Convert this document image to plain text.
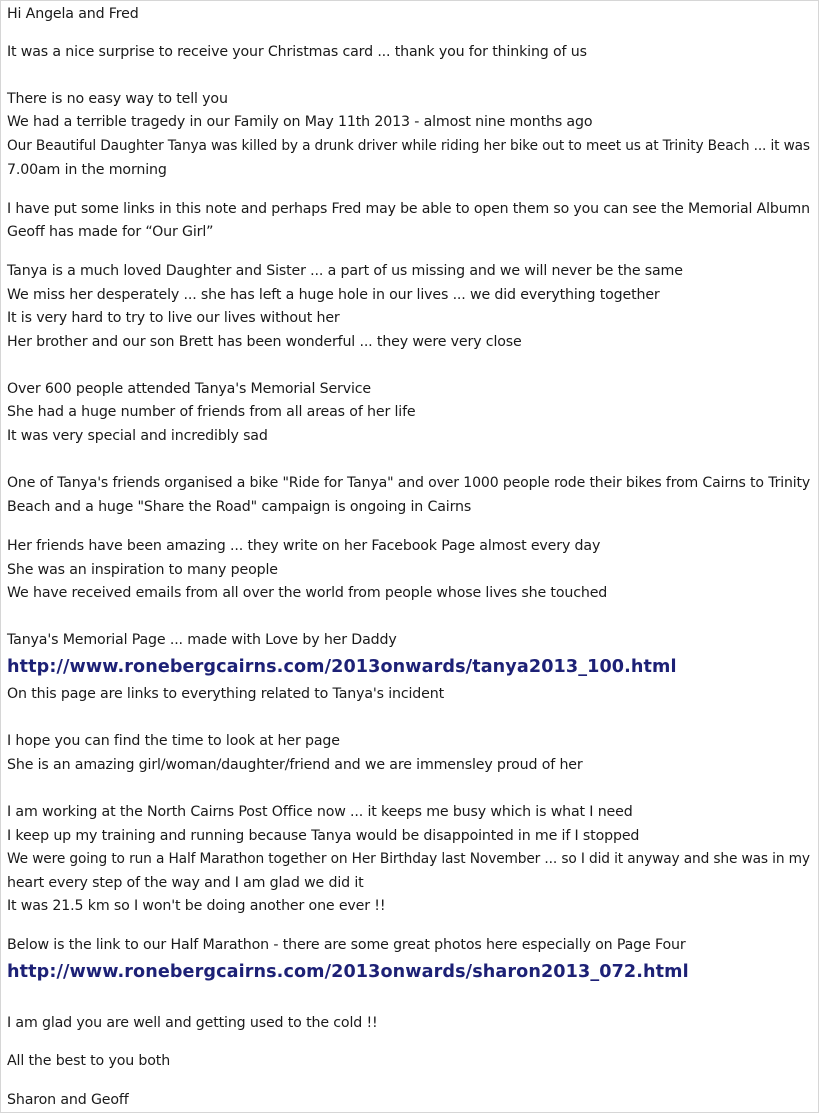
Hi Angela and Fred
It was a nice surprise to receive your Christmas card ... thank you for thinking of us
There is no easy way to tell you
We had a terrible tragedy in our Family on May 11th 2013 - almost nine months ago
Our Beautiful Daughter Tanya was killed by a drunk driver while riding her bike out to meet us at Trinity Beach ... it was
7.00am in the morning
I have put some links in this note and perhaps Fred may be able to open them so you can see the Memorial Albumn
Geoff has made for “Our Girl”
Tanya is a much loved Daughter and Sister ... a part of us missing and we will never be the same
We miss her desperately ... she has left a huge hole in our lives ... we did everything together
It is very hard to try to live our lives without her
Her brother and our son Brett has been wonderful ... they were very close
Over 600 people attended Tanya's Memorial Service
She had a huge number of friends from all areas of her life
It was very special and incredibly sad
One of Tanya's friends organised a bike "Ride for Tanya" and over 1000 people rode their bikes from Cairns to Trinity
Beach and a huge "Share the Road" campaign is ongoing in Cairns
Her friends have been amazing ... they write on her Facebook Page almost every day
She was an inspiration to many people
We have received emails from all over the world from people whose lives she touched
Tanya's Memorial Page ... made with Love by her Daddy
http://www.ronebergcairns.com/2013onwards/tanya2013_100.html
On this page are links to everything related to Tanya's incident
I hope you can find the time to look at her page
She is an amazing girl/woman/daughter/friend and we are immensley proud of her
I am working at the North Cairns Post Office now ... it keeps me busy which is what I need
I keep up my training and running because Tanya would be disappointed in me if I stopped
We were going to run a Half Marathon together on Her Birthday last November ... so I did it anyway and she was in my
heart every step of the way and I am glad we did it
It was 21.5 km so I won't be doing another one ever !!
Below is the link to our Half Marathon - there are some great photos here especially on Page Four
http://www.ronebergcairns.com/2013onwards/sharon2013_072.html
I am glad you are well and getting used to the cold !!
All the best to you both
Sharon and Geoff
